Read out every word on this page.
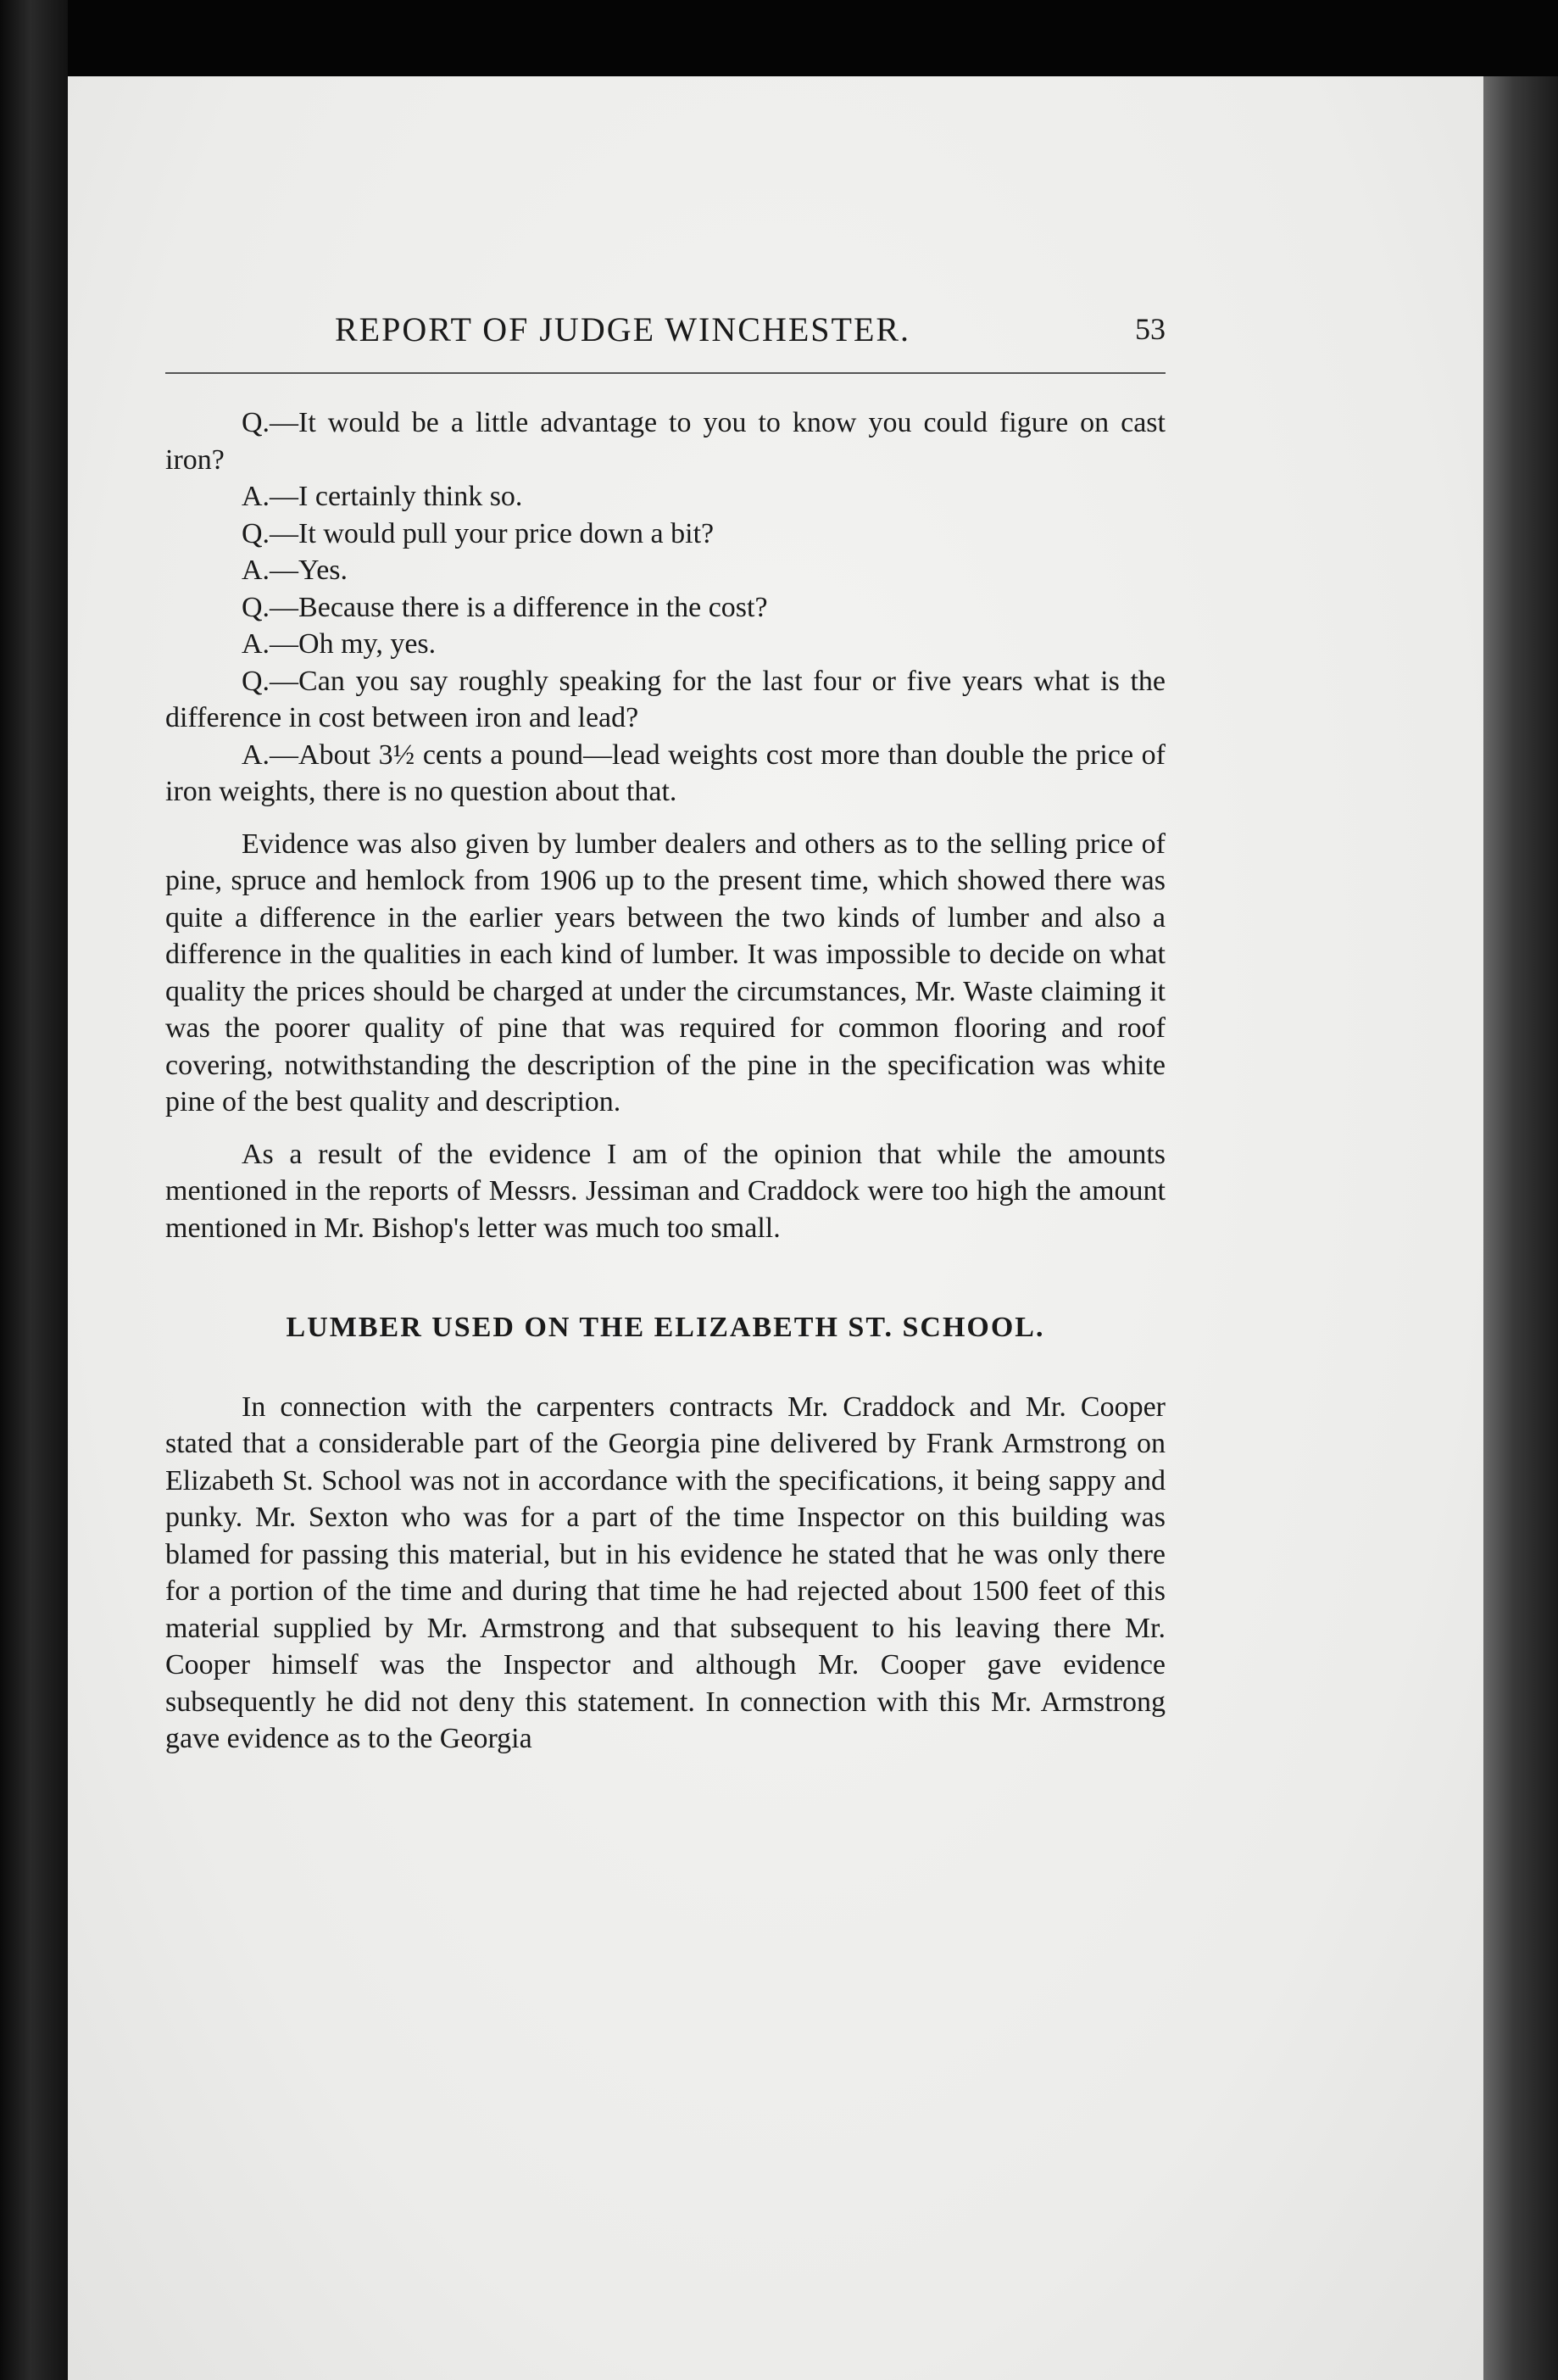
REPORT OF JUDGE WINCHESTER.	53

Q.—It would be a little advantage to you to know you could figure on cast iron?

A.—I certainly think so.

Q.—It would pull your price down a bit?

A.—Yes.

Q.—Because there is a difference in the cost?

A.—Oh my, yes.

Q.—Can you say roughly speaking for the last four or five years what is the difference in cost between iron and lead?

A.—About 3½ cents a pound—lead weights cost more than double the price of iron weights, there is no question about that.

Evidence was also given by lumber dealers and others as to the selling price of pine, spruce and hemlock from 1906 up to the present time, which showed there was quite a difference in the earlier years between the two kinds of lumber and also a difference in the qualities in each kind of lumber. It was impossible to decide on what quality the prices should be charged at under the circumstances, Mr. Waste claiming it was the poorer quality of pine that was required for common flooring and roof covering, notwithstanding the description of the pine in the specification was white pine of the best quality and description.

As a result of the evidence I am of the opinion that while the amounts mentioned in the reports of Messrs. Jessiman and Craddock were too high the amount mentioned in Mr. Bishop's letter was much too small.

LUMBER USED ON THE ELIZABETH ST. SCHOOL.

In connection with the carpenters contracts Mr. Craddock and Mr. Cooper stated that a considerable part of the Georgia pine delivered by Frank Armstrong on Elizabeth St. School was not in accordance with the specifications, it being sappy and punky. Mr. Sexton who was for a part of the time Inspector on this building was blamed for passing this material, but in his evidence he stated that he was only there for a portion of the time and during that time he had rejected about 1500 feet of this material supplied by Mr. Armstrong and that subsequent to his leaving there Mr. Cooper himself was the Inspector and although Mr. Cooper gave evidence subsequently he did not deny this statement. In connection with this Mr. Armstrong gave evidence as to the Georgia
